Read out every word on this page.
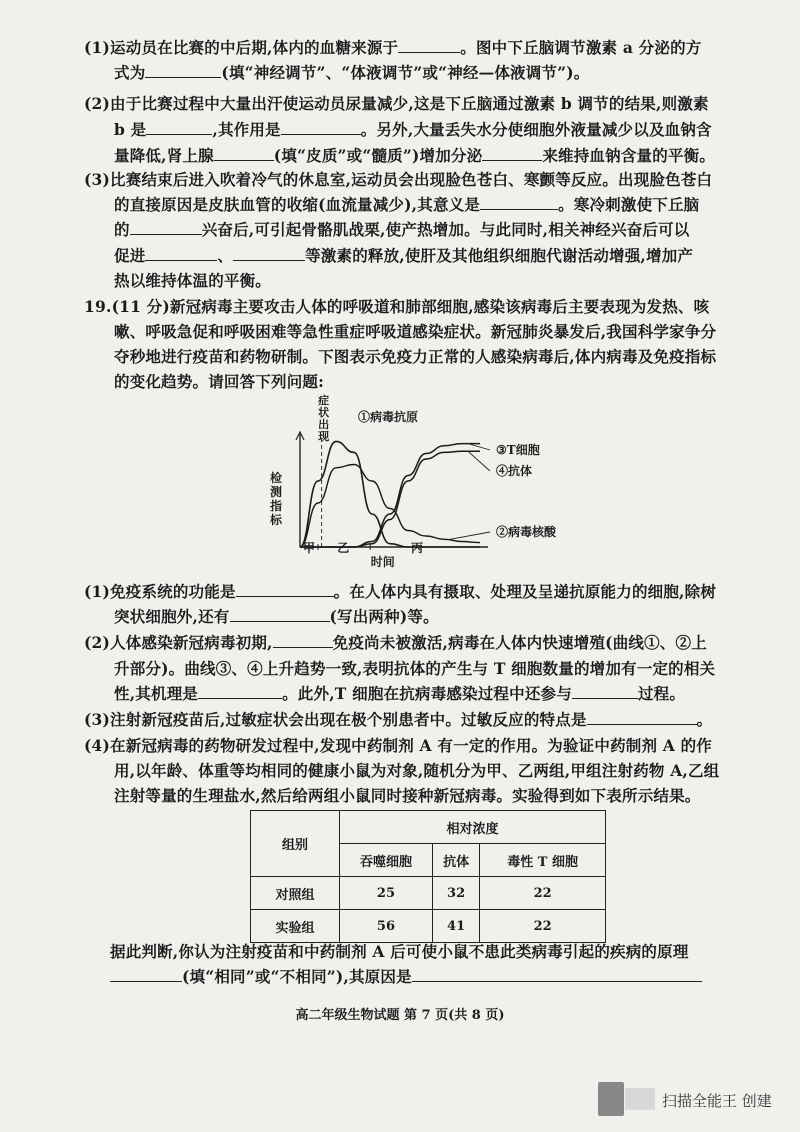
(1)运动员在比赛的中后期,体内的血糖来源于	。图中下丘脑调节激素 a 分泌的方
式为	(填“神经调节”、“体液调节”或“神经—体液调节”)。
(2)由于比赛过程中大量出汗使运动员尿量减少,这是下丘脑通过激素 b 调节的结果,则激素
b 是	,其作用是	。另外,大量丢失水分使细胞外液量减少以及血钠含
量降低,肾上腺	(填“皮质”或“髓质”)增加分泌	来维持血钠含量的平衡。
(3)比赛结束后进入吹着冷气的休息室,运动员会出现脸色苍白、寒颤等反应。出现脸色苍白
的直接原因是皮肤血管的收缩(血流量减少),其意义是	。寒冷刺激使下丘脑
的	兴奋后,可引起骨骼肌战栗,使产热增加。与此同时,相关神经兴奋后可以
促进	、	等激素的释放,使肝及其他组织细胞代谢活动增强,增加产
热以维持体温的平衡。
19.(11 分)新冠病毒主要攻击人体的呼吸道和肺部细胞,感染该病毒后主要表现为发热、咳
嗽、呼吸急促和呼吸困难等急性重症呼吸道感染症状。新冠肺炎暴发后,我国科学家争分
夺秒地进行疫苗和药物研制。下图表示免疫力正常的人感染病毒后,体内病毒及免疫指标
的变化趋势。请回答下列问题:
①病毒抗原
②病毒核酸
③T细胞
④抗体
检
测
指
标
症
状
出
现
甲 乙	丙
时间
(1)免疫系统的功能是	。在人体内具有摄取、处理及呈递抗原能力的细胞,除树
突状细胞外,还有	(写出两种)等。
(2)人体感染新冠病毒初期,	免疫尚未被激活,病毒在人体内快速增殖(曲线①、②上
升部分)。曲线③、④上升趋势一致,表明抗体的产生与 T 细胞数量的增加有一定的相关
性,其机理是	。此外,T 细胞在抗病毒感染过程中还参与	过程。
(3)注射新冠疫苗后,过敏症状会出现在极个别患者中。过敏反应的特点是	。
(4)在新冠病毒的药物研发过程中,发现中药制剂 A 有一定的作用。为验证中药制剂 A 的作
用,以年龄、体重等均相同的健康小鼠为对象,随机分为甲、乙两组,甲组注射药物 A,乙组
注射等量的生理盐水,然后给两组小鼠同时接种新冠病毒。实验得到如下表所示结果。
组别	相对浓度		
	吞噬细胞	抗体	毒性 T 细胞
对照组	25	32	22
实验组	56	41	22
据此判断,你认为注射疫苗和中药制剂 A 后可使小鼠不患此类病毒引起的疾病的原理
(填“相同”或“不相同”),其原因是
高二年级生物试题 第 7 页(共 8 页)
扫描全能王 创建
